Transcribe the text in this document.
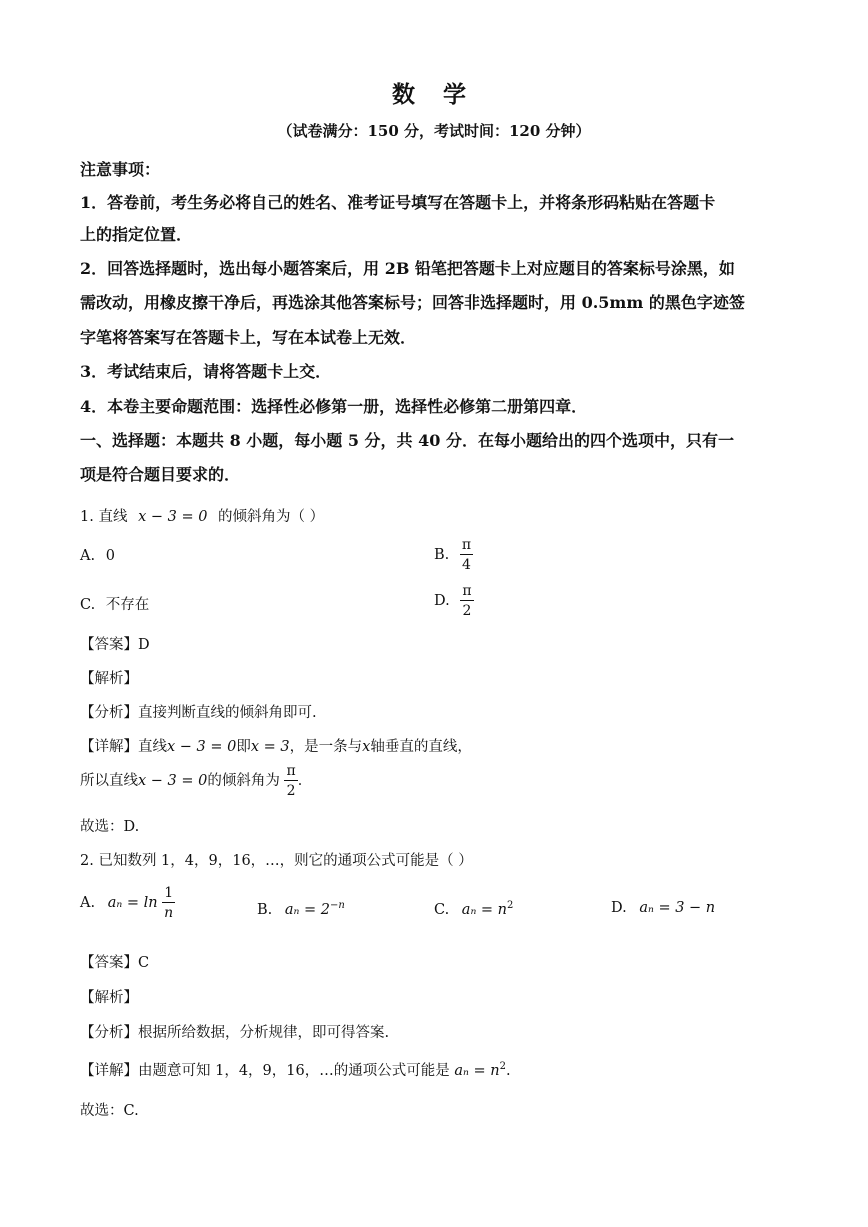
数 学
（试卷满分：150 分，考试时间：120 分钟）
注意事项：
1．答卷前，考生务必将自己的姓名、准考证号填写在答题卡上，并将条形码粘贴在答题卡
上的指定位置．
2．回答选择题时，选出每小题答案后，用 2B 铅笔把答题卡上对应题目的答案标号涂黑，如
需改动，用橡皮擦干净后，再选涂其他答案标号；回答非选择题时，用 0.5mm 的黑色字迹签
字笔将答案写在答题卡上，写在本试卷上无效．
3．考试结束后，请将答题卡上交．
4．本卷主要命题范围：选择性必修第一册，选择性必修第二册第四章．
一、选择题：本题共 8 小题，每小题 5 分，共 40 分．在每小题给出的四个选项中，只有一
项是符合题目要求的．
1. 直线 x − 3 = 0 的倾斜角为（ ）
A. 0	B. $\frac{\pi}{4}$
C. 不存在	D. $\frac{\pi}{2}$
【答案】D
【解析】
【分析】直接判断直线的倾斜角即可.
【详解】直线x − 3 = 0即x = 3，是一条与x轴垂直的直线，
所以直线x − 3 = 0的倾斜角为 $\frac{\pi}{2}$ ．
故选：D.
2. 已知数列 1，4，9，16，…，则它的通项公式可能是（ ）
A. $a_n = \ln \frac{1}{n}$	B. $a_n = 2^{-n}$	C. $a_n = n^2$	D. aₙ = 3 − n
【答案】C
【解析】
【分析】根据所给数据，分析规律，即可得答案.
【详解】由题意可知 1，4，9，16，…的通项公式可能是 $a_n = n^2$.
故选：C.
